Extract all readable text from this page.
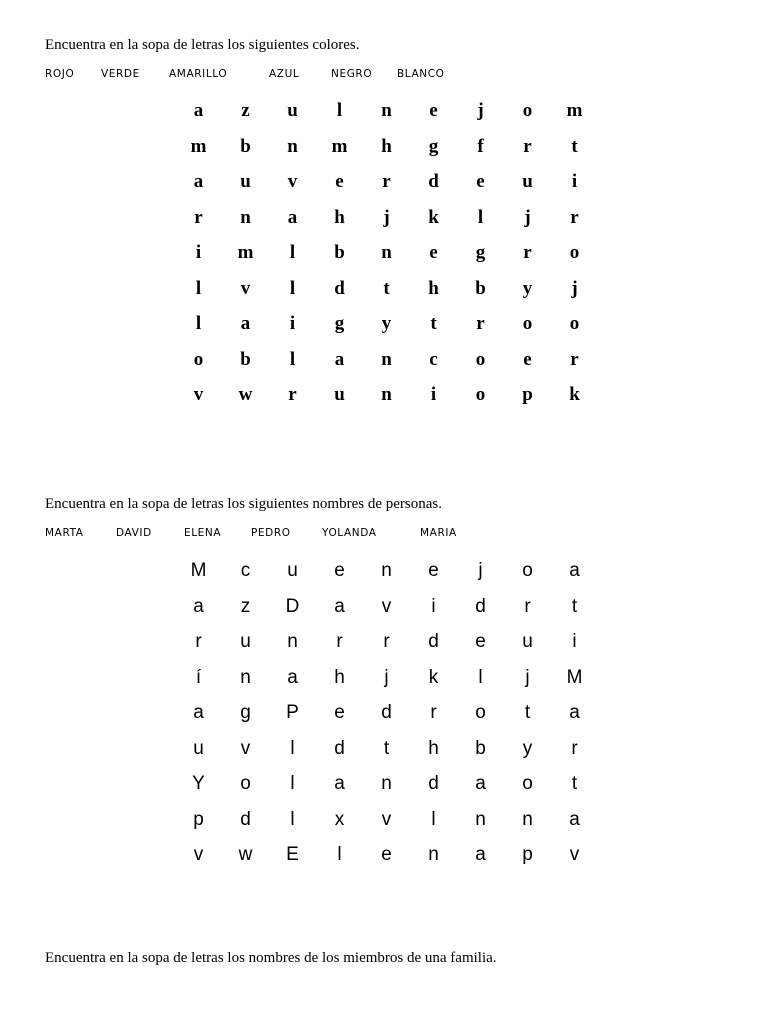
Encuentra en la sopa de letras los siguientes colores.

ROJO	VERDE	AMARILLO	AZUL	NEGRO BLANCO
a	z	u	l	n	e	j	o	m
m	b	n	m	h	g	f	r	t
a	u	v	e	r	d	e	u	i
r	n	a	h	j	k	l	j	r
i	m	l	b	n	e	g	r	o
l	v	l	d	t	h	b	y	j
l	a	i	g	y	t	r	o	o
o	b	l	a	n	c	o	e	r
v	w	r	u	n	i	o	p	k

Encuentra en la sopa de letras los siguientes nombres de personas.

MARTA	DAVID	ELENA	PEDRO	YOLANDA	MARIA
M	c	u	e	n	e	j	o	a
a	z	D	a	v	i	d	r	t
r	u	n	r	r	d	e	u	i
í	n	a	h	j	k	l	j	M
a	g	P	e	d	r	o	t	a
u	v	l	d	t	h	b	y	r
Y	o	l	a	n	d	a	o	t
p	d	l	x	v	l	n	n	a
v	w	E	l	e	n	a	p	v

Encuentra en la sopa de letras los nombres de los miembros de una familia.
